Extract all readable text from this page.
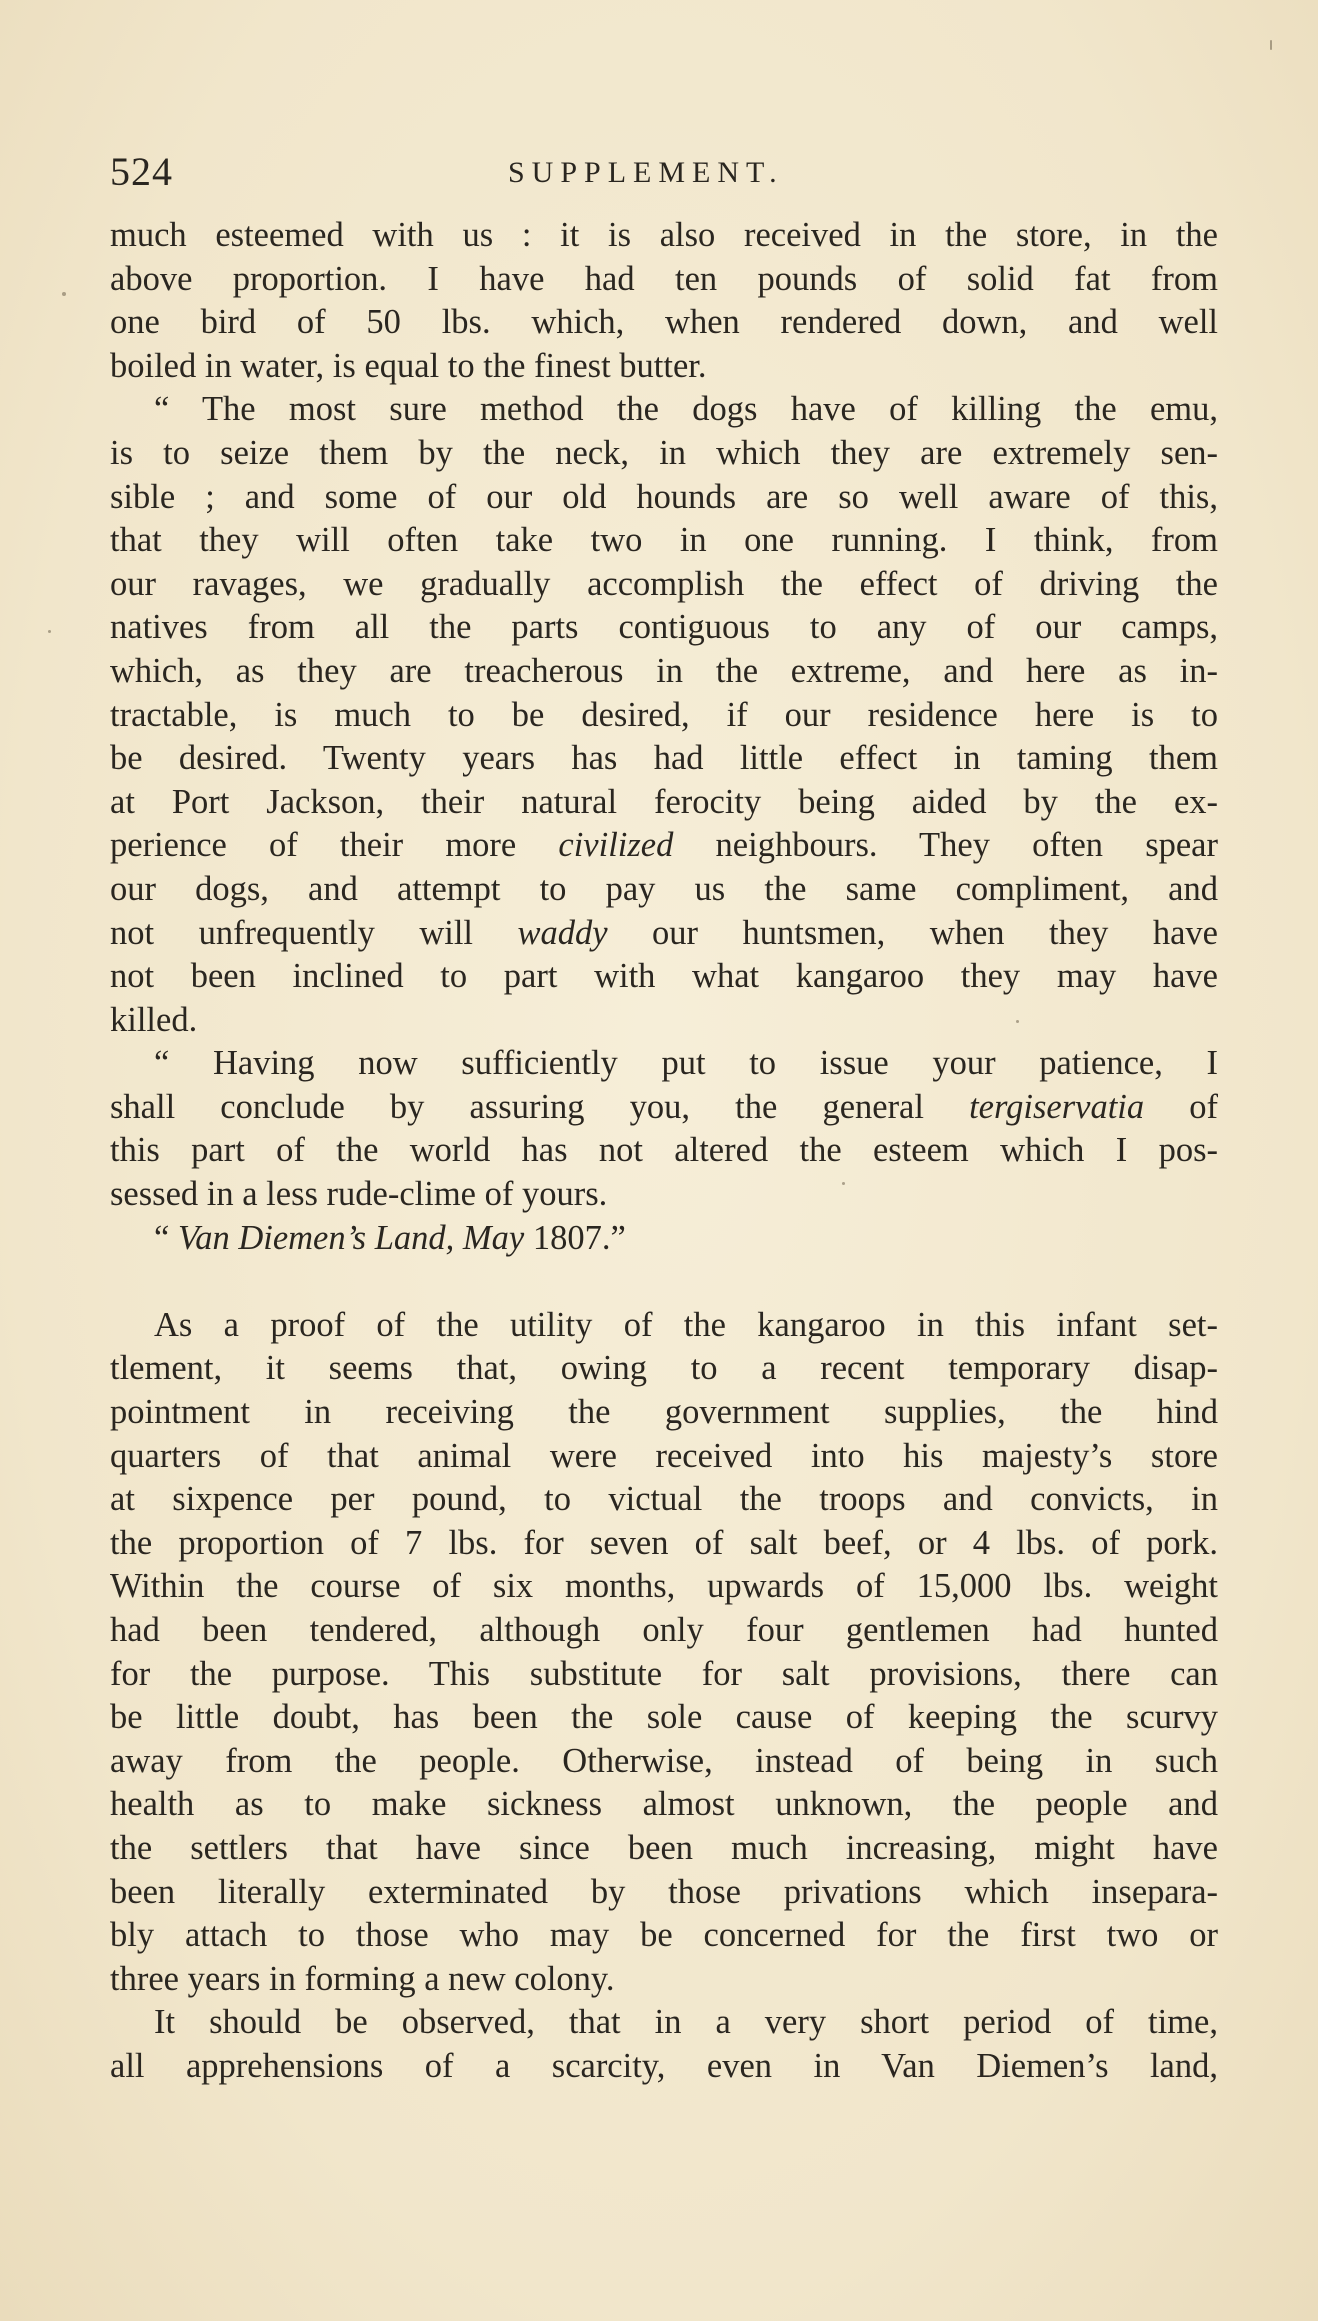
524	SUPPLEMENT.
much esteemed with us : it is also received in the store, in the
above proportion. I have had ten pounds of solid fat from
one bird of 50 lbs. which, when rendered down, and well
boiled in water, is equal to the finest butter.
“ The most sure method the dogs have of killing the emu,
is to seize them by the neck, in which they are extremely sen-
sible ; and some of our old hounds are so well aware of this,
that they will often take two in one running. I think, from
our ravages, we gradually accomplish the effect of driving the
natives from all the parts contiguous to any of our camps,
which, as they are treacherous in the extreme, and here as in-
tractable, is much to be desired, if our residence here is to
be desired. Twenty years has had little effect in taming them
at Port Jackson, their natural ferocity being aided by the ex-
perience of their more civilized neighbours. They often spear
our dogs, and attempt to pay us the same compliment, and
not unfrequently will waddy our huntsmen, when they have
not been inclined to part with what kangaroo they may have
killed.
“ Having now sufficiently put to issue your patience, I
shall conclude by assuring you, the general tergiservatia of
this part of the world has not altered the esteem which I pos-
sessed in a less rude-clime of yours.
“ Van Diemen’s Land, May 1807.”
As a proof of the utility of the kangaroo in this infant set-
tlement, it seems that, owing to a recent temporary disap-
pointment in receiving the government supplies, the hind
quarters of that animal were received into his majesty’s store
at sixpence per pound, to victual the troops and convicts, in
the proportion of 7 lbs. for seven of salt beef, or 4 lbs. of pork.
Within the course of six months, upwards of 15,000 lbs. weight
had been tendered, although only four gentlemen had hunted
for the purpose. This substitute for salt provisions, there can
be little doubt, has been the sole cause of keeping the scurvy
away from the people. Otherwise, instead of being in such
health as to make sickness almost unknown, the people and
the settlers that have since been much increasing, might have
been literally exterminated by those privations which insepara-
bly attach to those who may be concerned for the first two or
three years in forming a new colony.
It should be observed, that in a very short period of time,
all apprehensions of a scarcity, even in Van Diemen’s land,
